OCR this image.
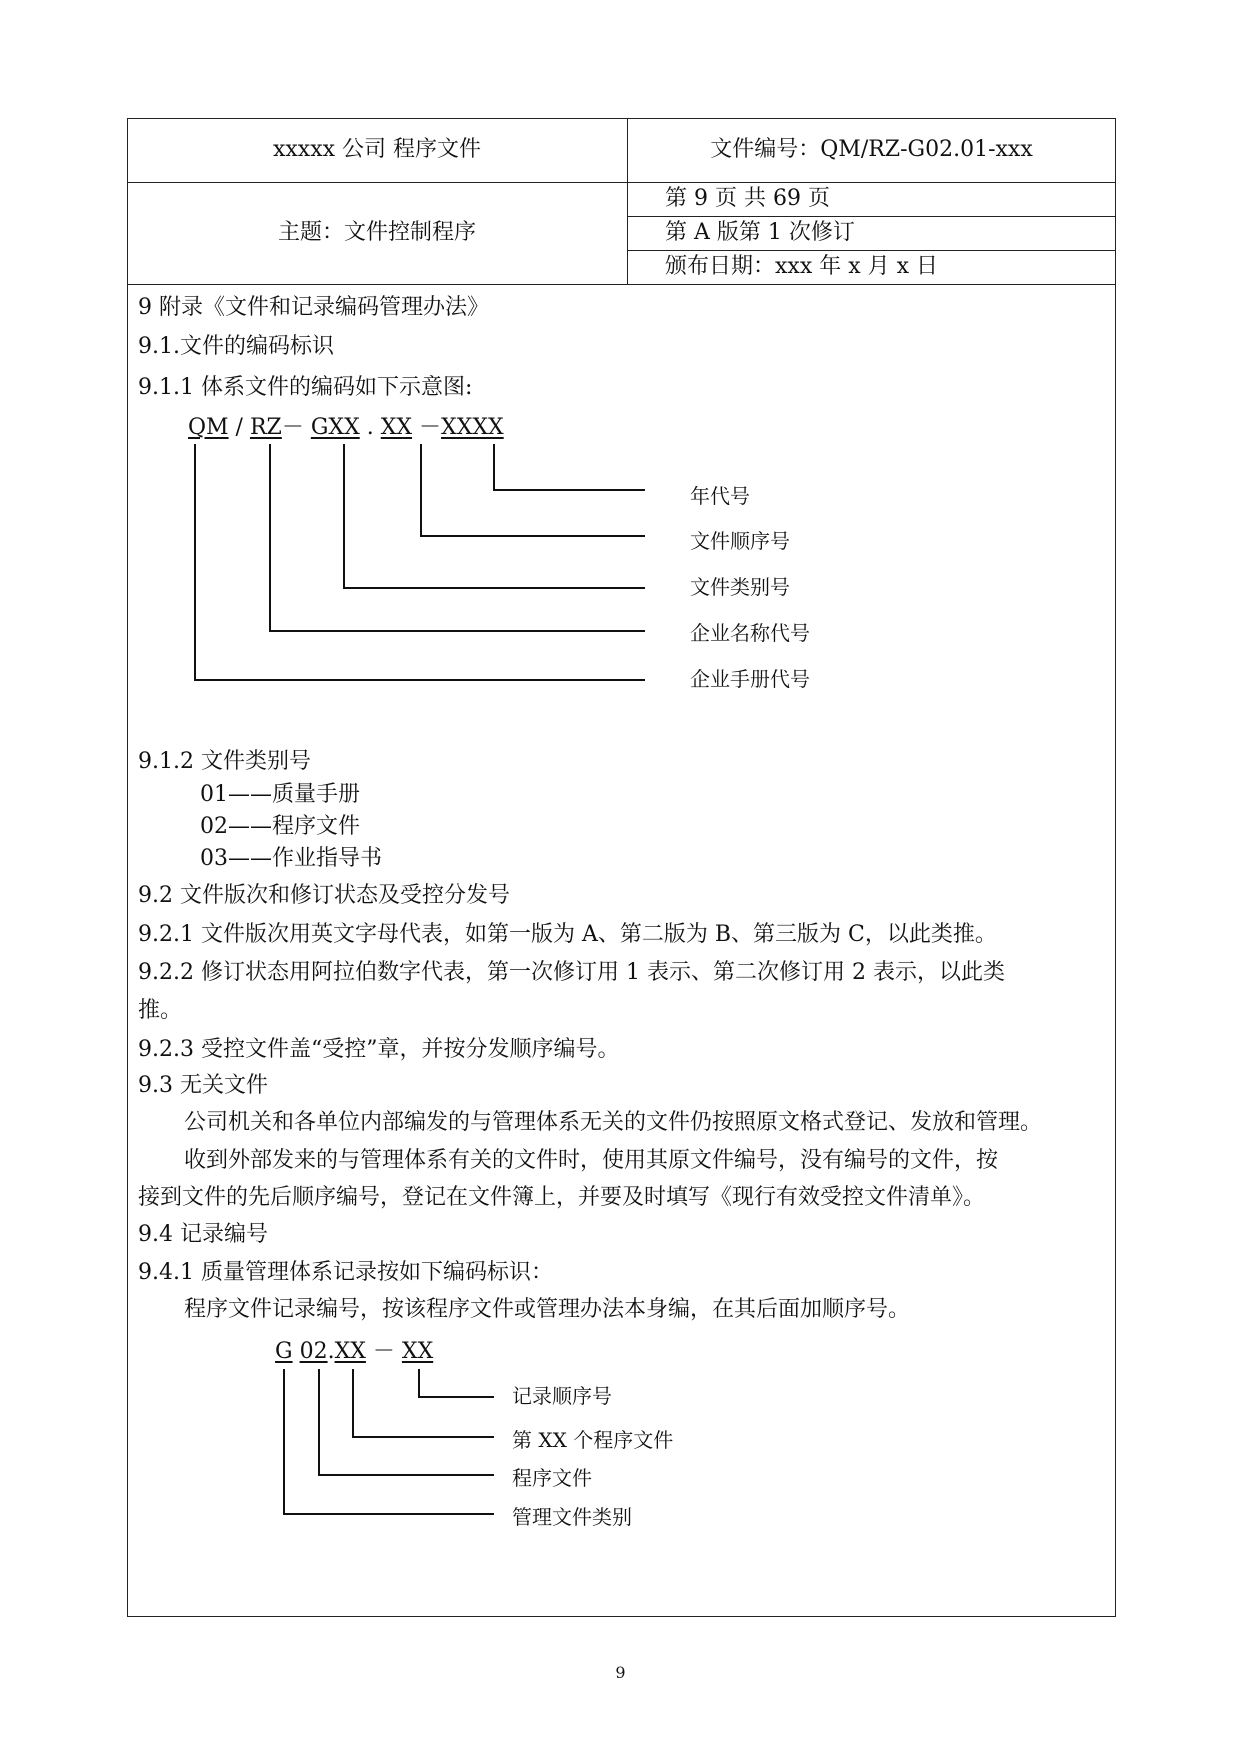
xxxxx 公司 程序文件	文件编号：QM/RZ-G02.01-xxx
主题：文件控制程序
第 9 页 共 69 页
第 A 版第 1 次修订
颁布日期：xxx 年 x 月 x 日
9 附录《文件和记录编码管理办法》
9.1.文件的编码标识
9.1.1 体系文件的编码如下示意图:
QM / RZ－ GXX . XX －XXXX
年代号
文件顺序号
文件类别号
企业名称代号
企业手册代号
9.1.2 文件类别号
01——质量手册
02——程序文件
03——作业指导书
9.2 文件版次和修订状态及受控分发号
9.2.1 文件版次用英文字母代表，如第一版为 A、第二版为 B、第三版为 C，以此类推。
9.2.2 修订状态用阿拉伯数字代表，第一次修订用 1 表示、第二次修订用 2 表示，以此类
推。
9.2.3 受控文件盖“受控”章，并按分发顺序编号。
9.3 无关文件
公司机关和各单位内部编发的与管理体系无关的文件仍按照原文格式登记、发放和管理。
收到外部发来的与管理体系有关的文件时，使用其原文件编号，没有编号的文件，按
接到文件的先后顺序编号，登记在文件簿上，并要及时填写《现行有效受控文件清单》。
9.4 记录编号
9.4.1 质量管理体系记录按如下编码标识：
程序文件记录编号，按该程序文件或管理办法本身编，在其后面加顺序号。
G 02.XX － XX
记录顺序号
第 XX 个程序文件
程序文件
管理文件类别
9
